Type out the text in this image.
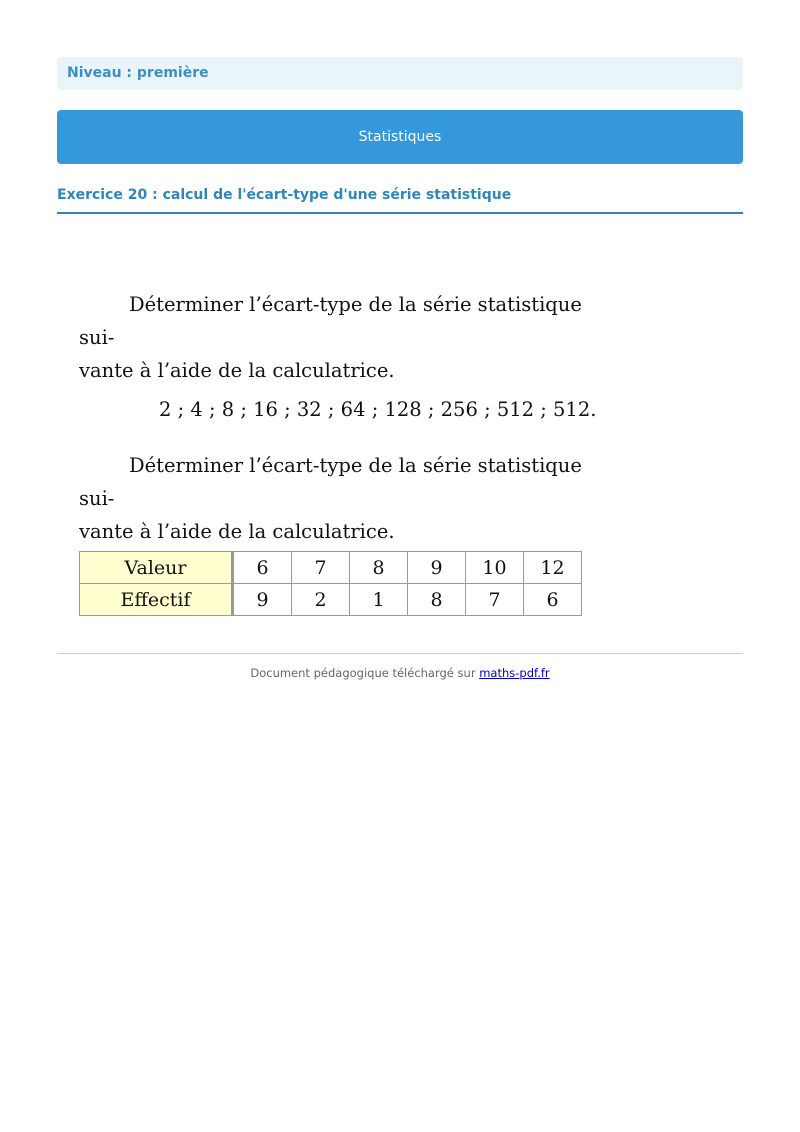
Niveau : première
Statistiques
Exercice 20 : calcul de l'écart-type d'une série statistique

Déterminer l’écart-type de la série statistique sui-
vante à l’aide de la calculatrice.

2 ; 4 ; 8 ; 16 ; 32 ; 64 ; 128 ; 256 ; 512 ; 512.

Déterminer l’écart-type de la série statistique sui-
vante à l’aide de la calculatrice.

Valeur	6	7	8	9	10	12
Effectif	9	2	1	8	7	6
Document pédagogique téléchargé sur maths-pdf.fr
